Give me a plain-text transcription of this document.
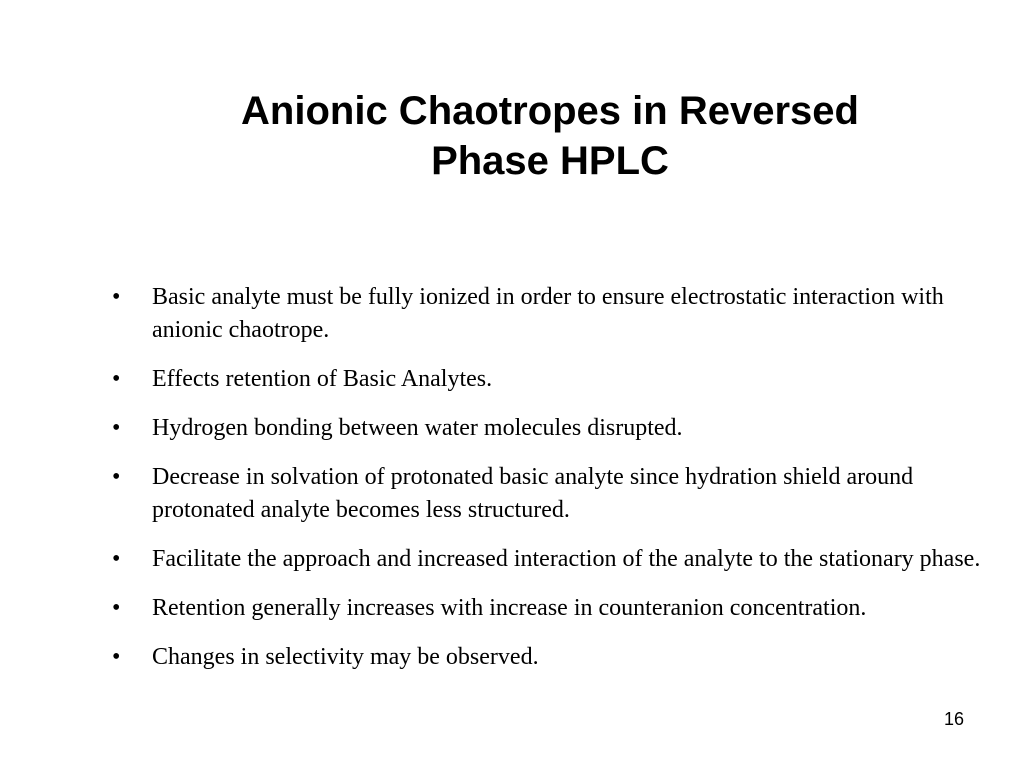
Anionic Chaotropes in Reversed
Phase HPLC
•	Basic analyte must be fully ionized in order to ensure electrostatic interaction with anionic chaotrope.
•	Effects retention of Basic Analytes.
•	Hydrogen bonding between water molecules disrupted.
•	Decrease in solvation of protonated basic analyte since hydration shield around protonated analyte becomes less structured.
•	Facilitate the approach and increased interaction of the analyte to the stationary phase.
•	Retention generally increases with increase in counteranion concentration.
•	Changes in selectivity may be observed.
16
